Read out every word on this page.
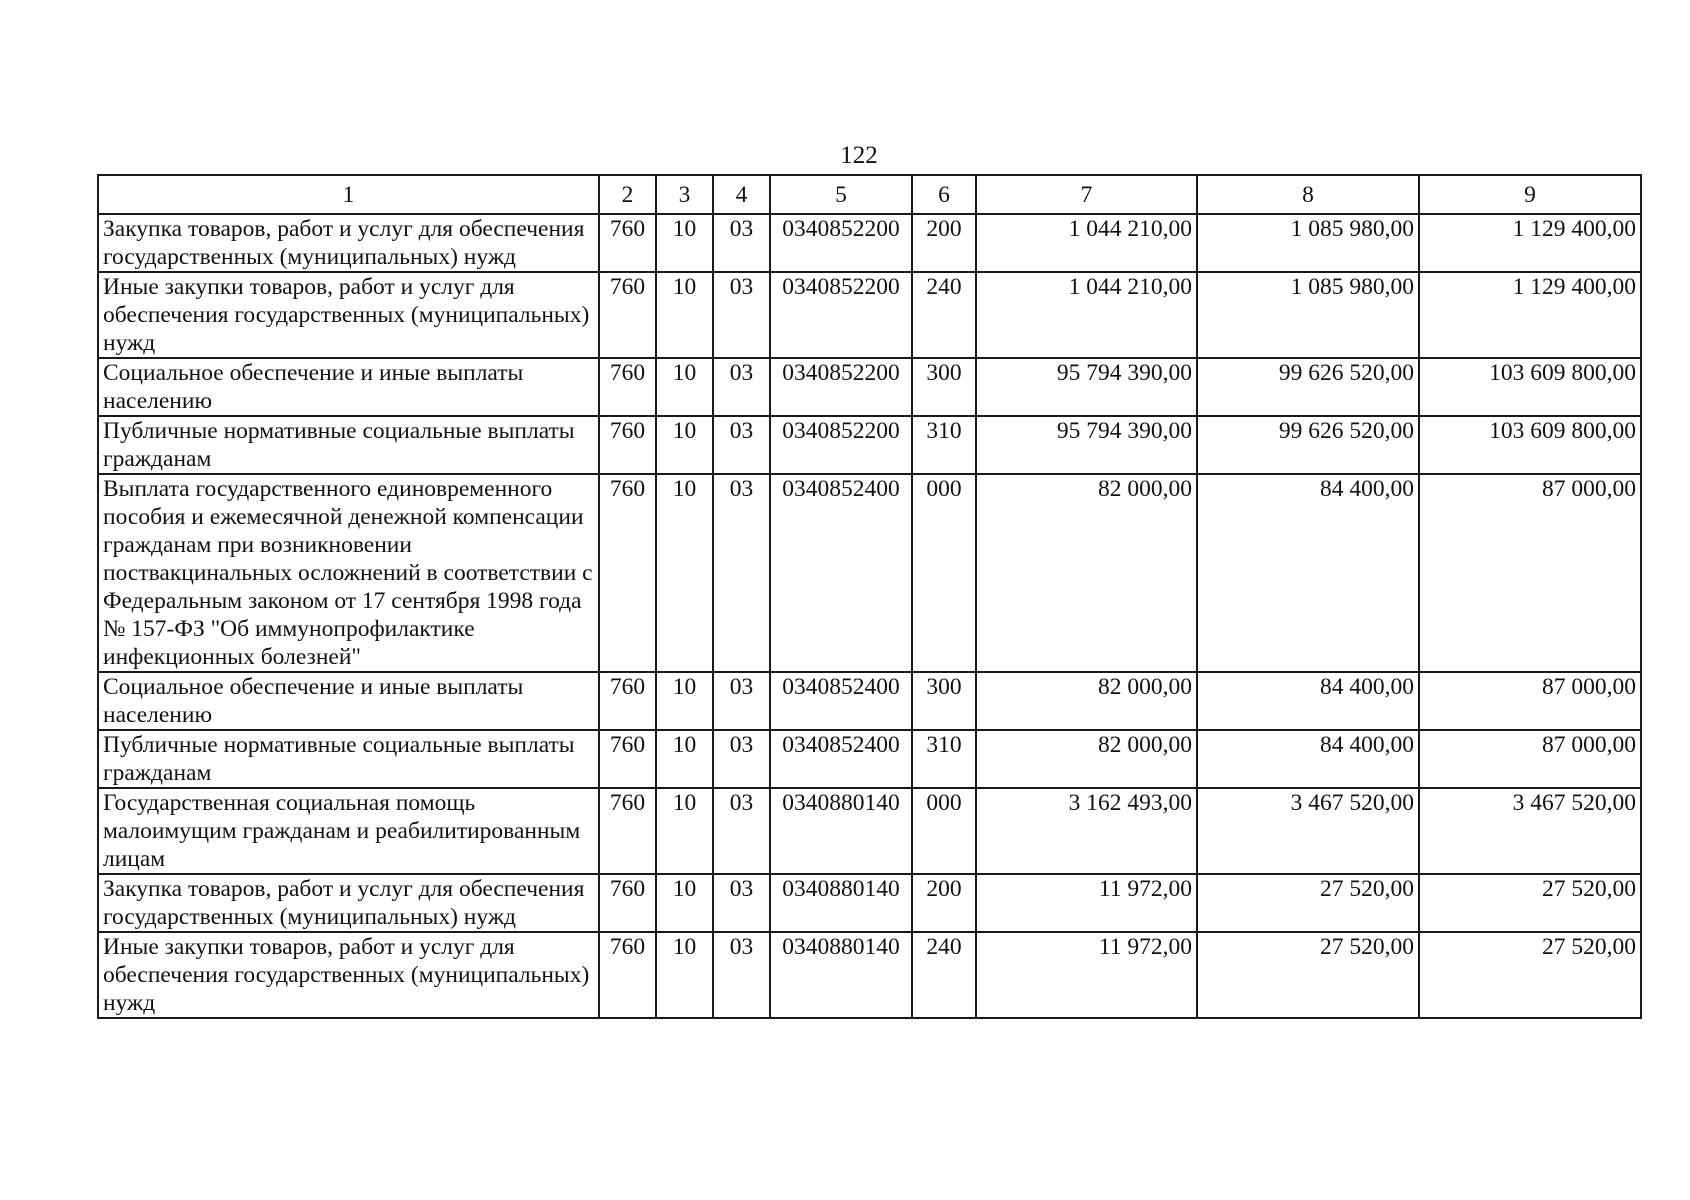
122
1	2	3	4	5	6	7	8	9
Закупка товаров, работ и услуг для обеспечения государственных (муниципальных) нужд	760	10	03	0340852200	200	1 044 210,00	1 085 980,00	1 129 400,00
Иные закупки товаров, работ и услуг для обеспечения государственных (муниципальных) нужд	760	10	03	0340852200	240	1 044 210,00	1 085 980,00	1 129 400,00
Социальное обеспечение и иные выплаты населению	760	10	03	0340852200	300	95 794 390,00	99 626 520,00	103 609 800,00
Публичные нормативные социальные выплаты гражданам	760	10	03	0340852200	310	95 794 390,00	99 626 520,00	103 609 800,00
Выплата государственного единовременного пособия и ежемесячной денежной компенсации гражданам при возникновении поствакцинальных осложнений в соответствии с Федеральным законом от 17 сентября 1998 года № 157-ФЗ "Об иммунопрофилактике инфекционных болезней"	760	10	03	0340852400	000	82 000,00	84 400,00	87 000,00
Социальное обеспечение и иные выплаты населению	760	10	03	0340852400	300	82 000,00	84 400,00	87 000,00
Публичные нормативные социальные выплаты гражданам	760	10	03	0340852400	310	82 000,00	84 400,00	87 000,00
Государственная социальная помощь малоимущим гражданам и реабилитированным лицам	760	10	03	0340880140	000	3 162 493,00	3 467 520,00	3 467 520,00
Закупка товаров, работ и услуг для обеспечения государственных (муниципальных) нужд	760	10	03	0340880140	200	11 972,00	27 520,00	27 520,00
Иные закупки товаров, работ и услуг для обеспечения государственных (муниципальных) нужд	760	10	03	0340880140	240	11 972,00	27 520,00	27 520,00
